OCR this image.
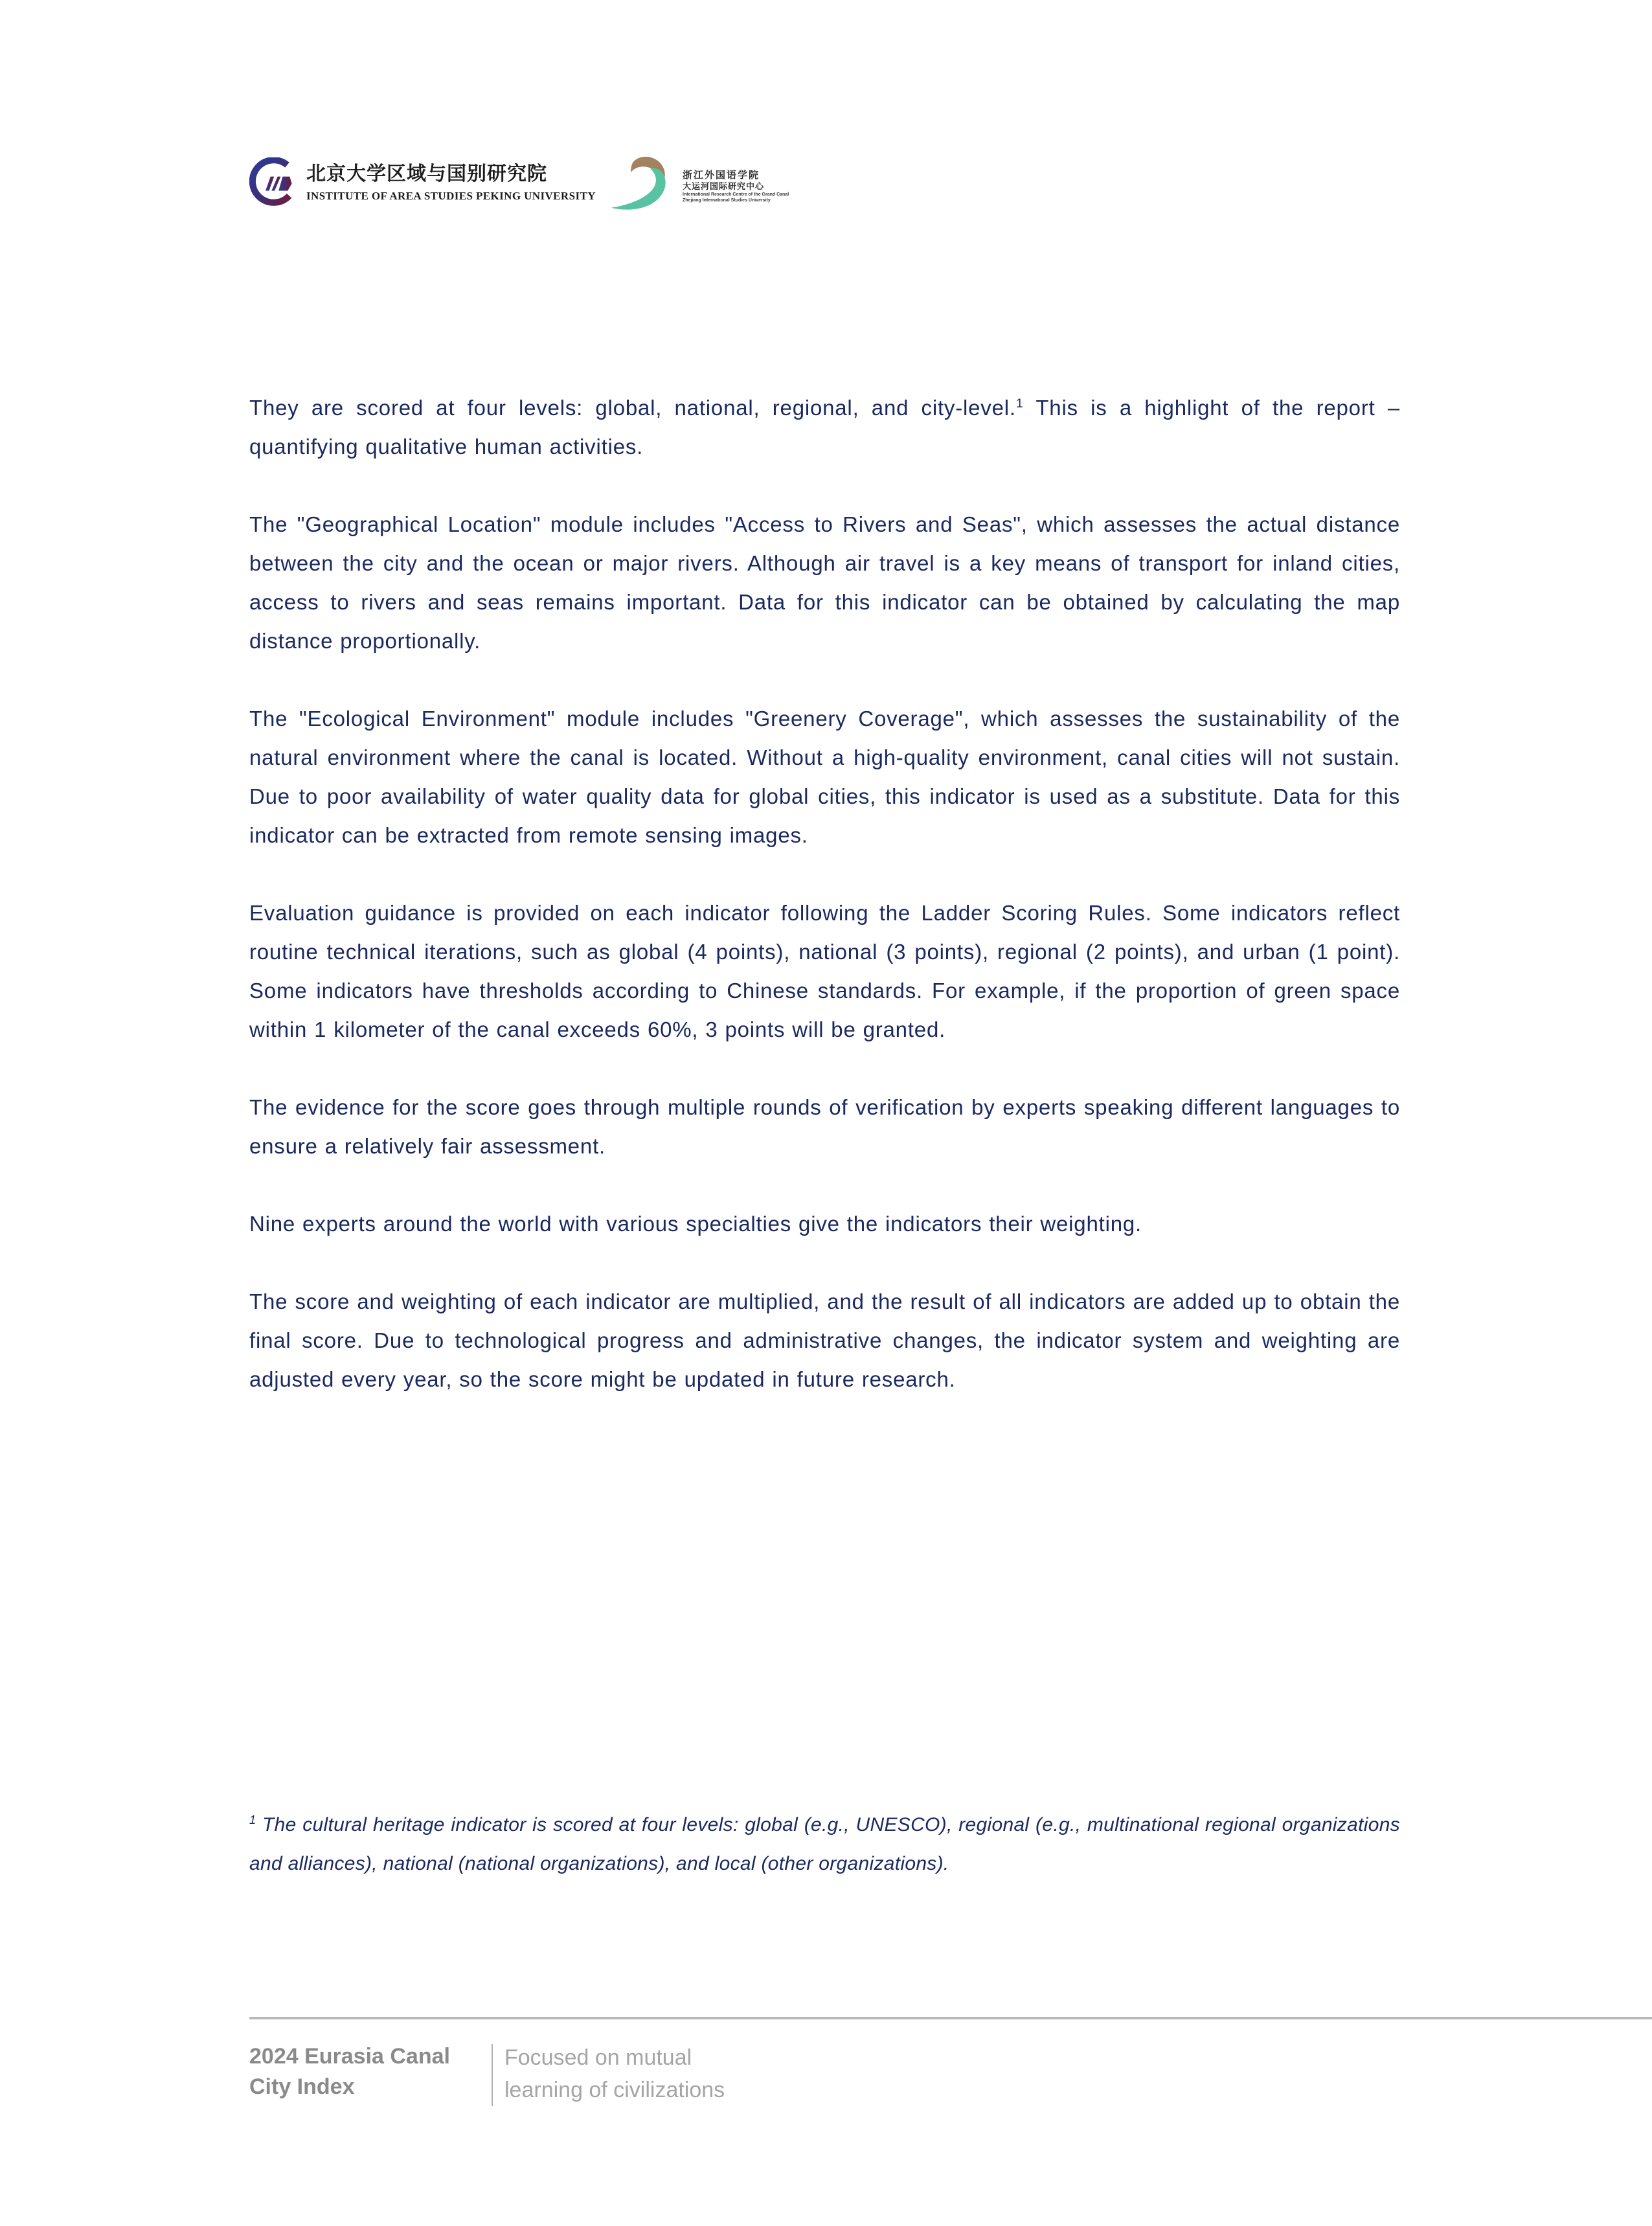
北京大学区域与国别研究院
INSTITUTE OF AREA STUDIES PEKING UNIVERSITY
浙江外国语学院
大运河国际研究中心
International Research Centre of the Grand Canal
Zhejiang International Studies University

They are scored at four levels: global, national, regional, and city-level.$^1$ This is a highlight of the report – quantifying qualitative human activities.

The "Geographical Location" module includes "Access to Rivers and Seas", which assesses the actual distance between the city and the ocean or major rivers. Although air travel is a key means of transport for inland cities, access to rivers and seas remains important. Data for this indicator can be obtained by calculating the map distance proportionally.

The "Ecological Environment" module includes "Greenery Coverage", which assesses the sustainability of the natural environment where the canal is located. Without a high-quality environment, canal cities will not sustain. Due to poor availability of water quality data for global cities, this indicator is used as a substitute. Data for this indicator can be extracted from remote sensing images.

Evaluation guidance is provided on each indicator following the Ladder Scoring Rules. Some indicators reflect routine technical iterations, such as global (4 points), national (3 points), regional (2 points), and urban (1 point). Some indicators have thresholds according to Chinese standards. For example, if the proportion of green space within 1 kilometer of the canal exceeds 60%, 3 points will be granted.

The evidence for the score goes through multiple rounds of verification by experts speaking different languages to ensure a relatively fair assessment.

Nine experts around the world with various specialties give the indicators their weighting.

The score and weighting of each indicator are multiplied, and the result of all indicators are added up to obtain the final score. Due to technological progress and administrative changes, the indicator system and weighting are adjusted every year, so the score might be updated in future research.

$^1$ The cultural heritage indicator is scored at four levels: global (e.g., UNESCO), regional (e.g., multinational regional organizations and alliances), national (national organizations), and local (other organizations).
2024 Eurasia Canal
City Index
Focused on mutual
learning of civilizations
